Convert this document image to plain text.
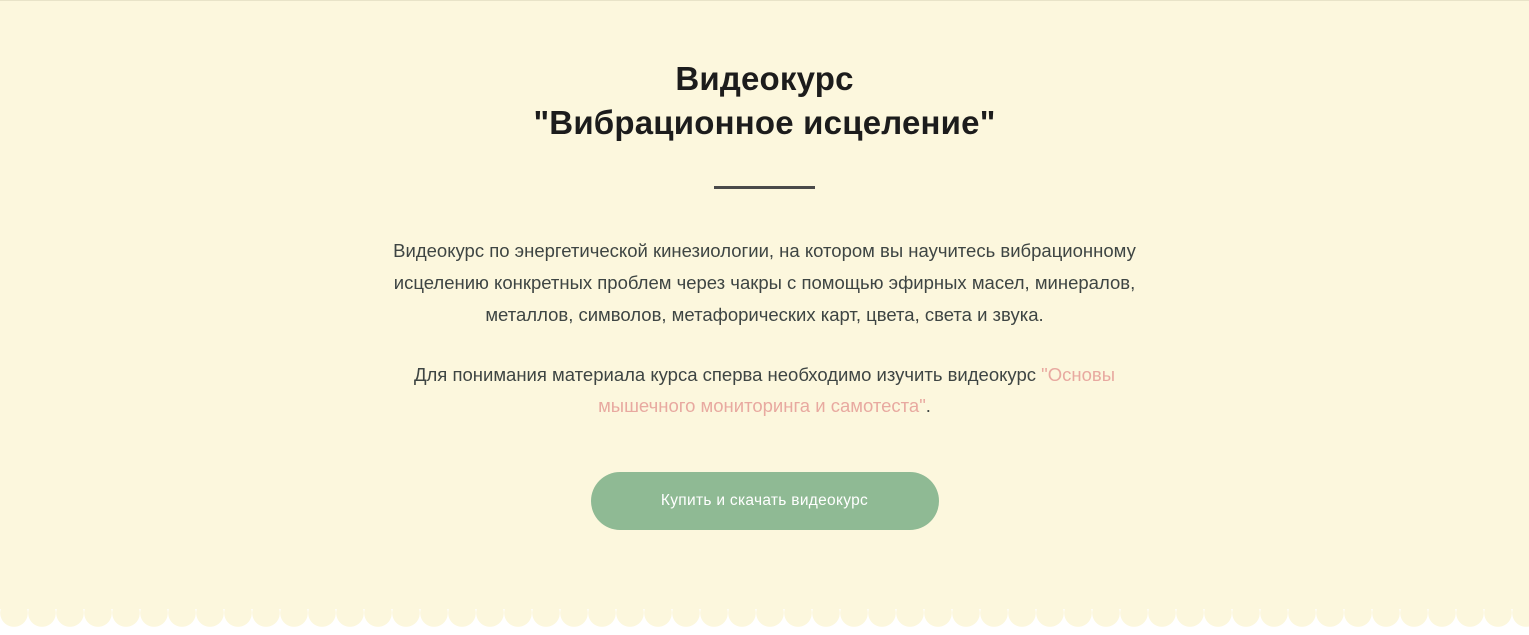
Видеокурс
"Вибрационное исцеление"

Видеокурс по энергетической кинезиологии, на котором вы научитесь вибрационному исцелению конкретных проблем через чакры с помощью эфирных масел, минералов, металлов, символов, метафорических карт, цвета, света и звука.

Для понимания материала курса сперва необходимо изучить видеокурс "Основы мышечного мониторинга и самотеста".

Купить и скачать видеокурс
